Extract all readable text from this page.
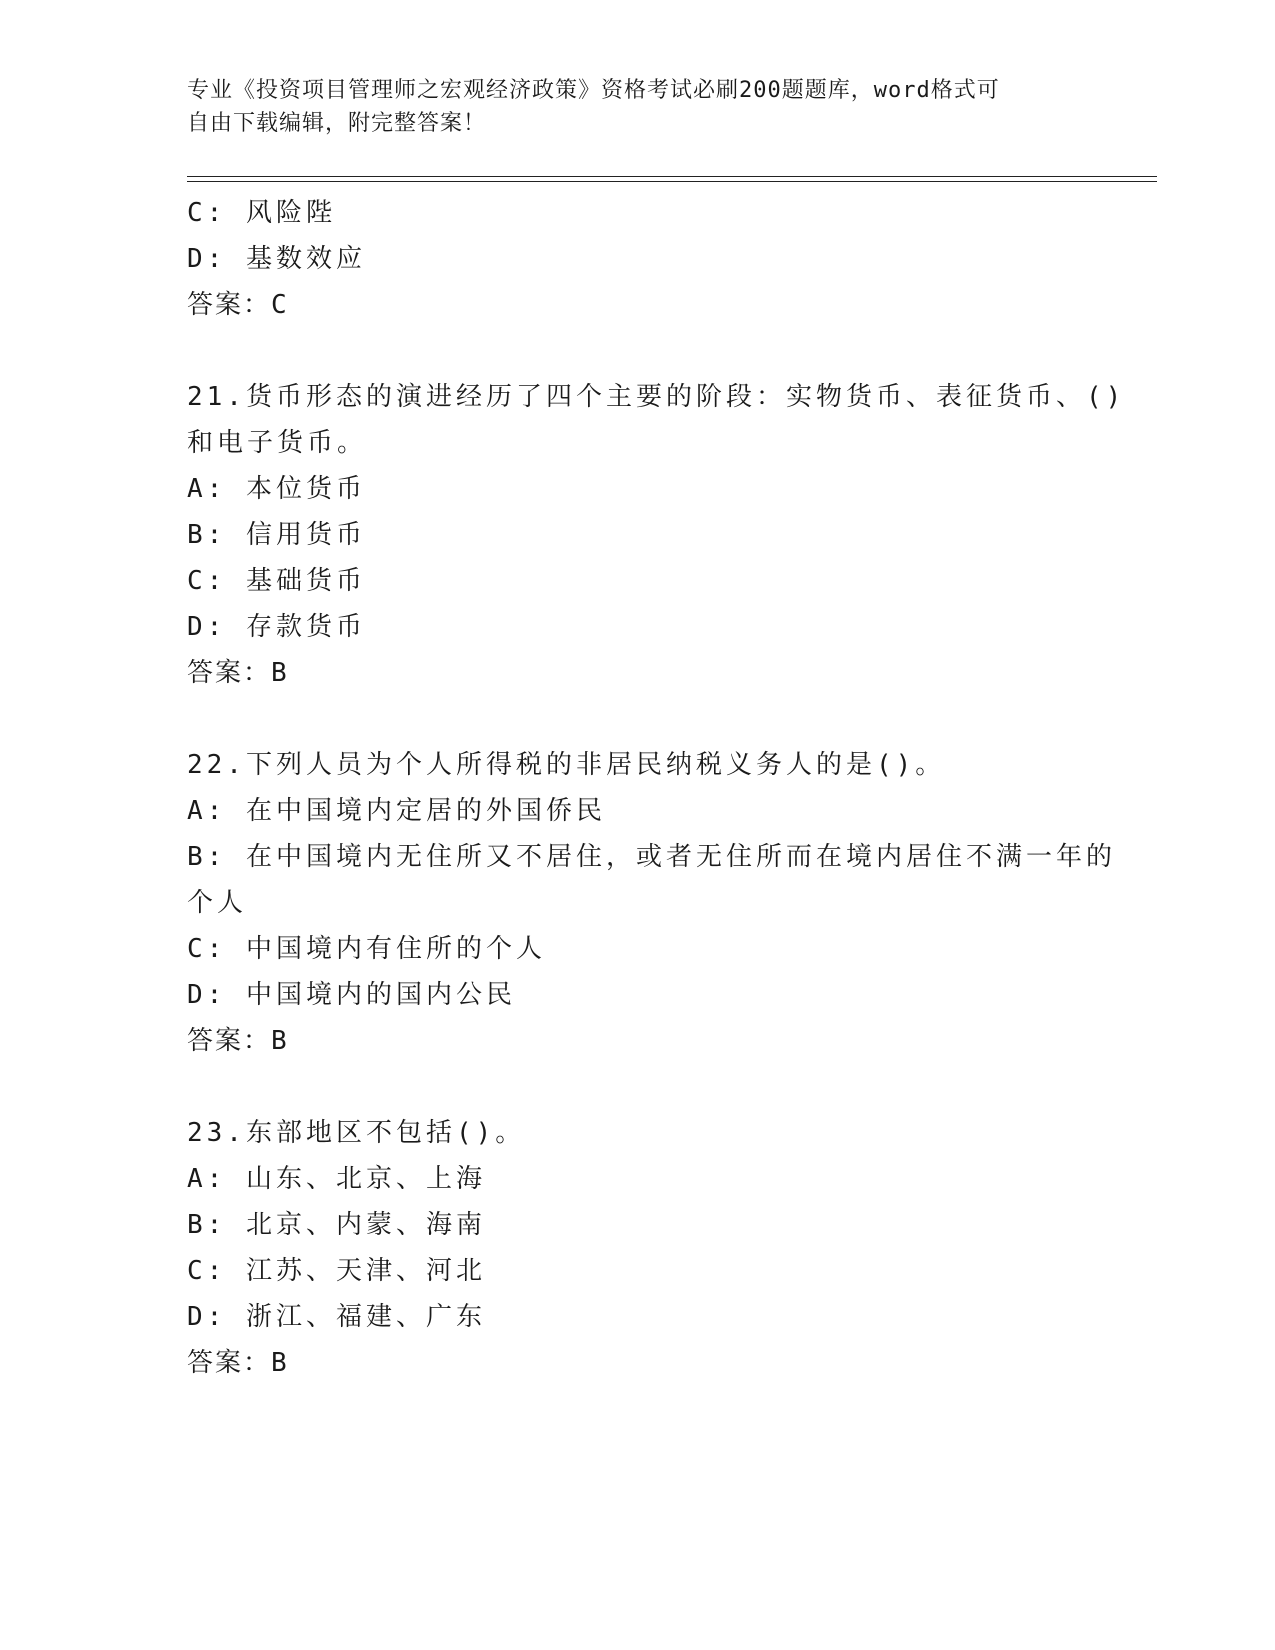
专业《投资项目管理师之宏观经济政策》资格考试必刷200题题库，word格式可
自由下载编辑，附完整答案！
C: 风险陛
D: 基数效应
答案：C
21.货币形态的演进经历了四个主要的阶段：实物货币、表征货币、()
和电子货币。
A: 本位货币
B: 信用货币
C: 基础货币
D: 存款货币
答案：B
22.下列人员为个人所得税的非居民纳税义务人的是()。
A: 在中国境内定居的外国侨民
B: 在中国境内无住所又不居住，或者无住所而在境内居住不满一年的
个人
C: 中国境内有住所的个人
D: 中国境内的国内公民
答案：B
23.东部地区不包括()。
A: 山东、北京、上海
B: 北京、内蒙、海南
C: 江苏、天津、河北
D: 浙江、福建、广东
答案：B
